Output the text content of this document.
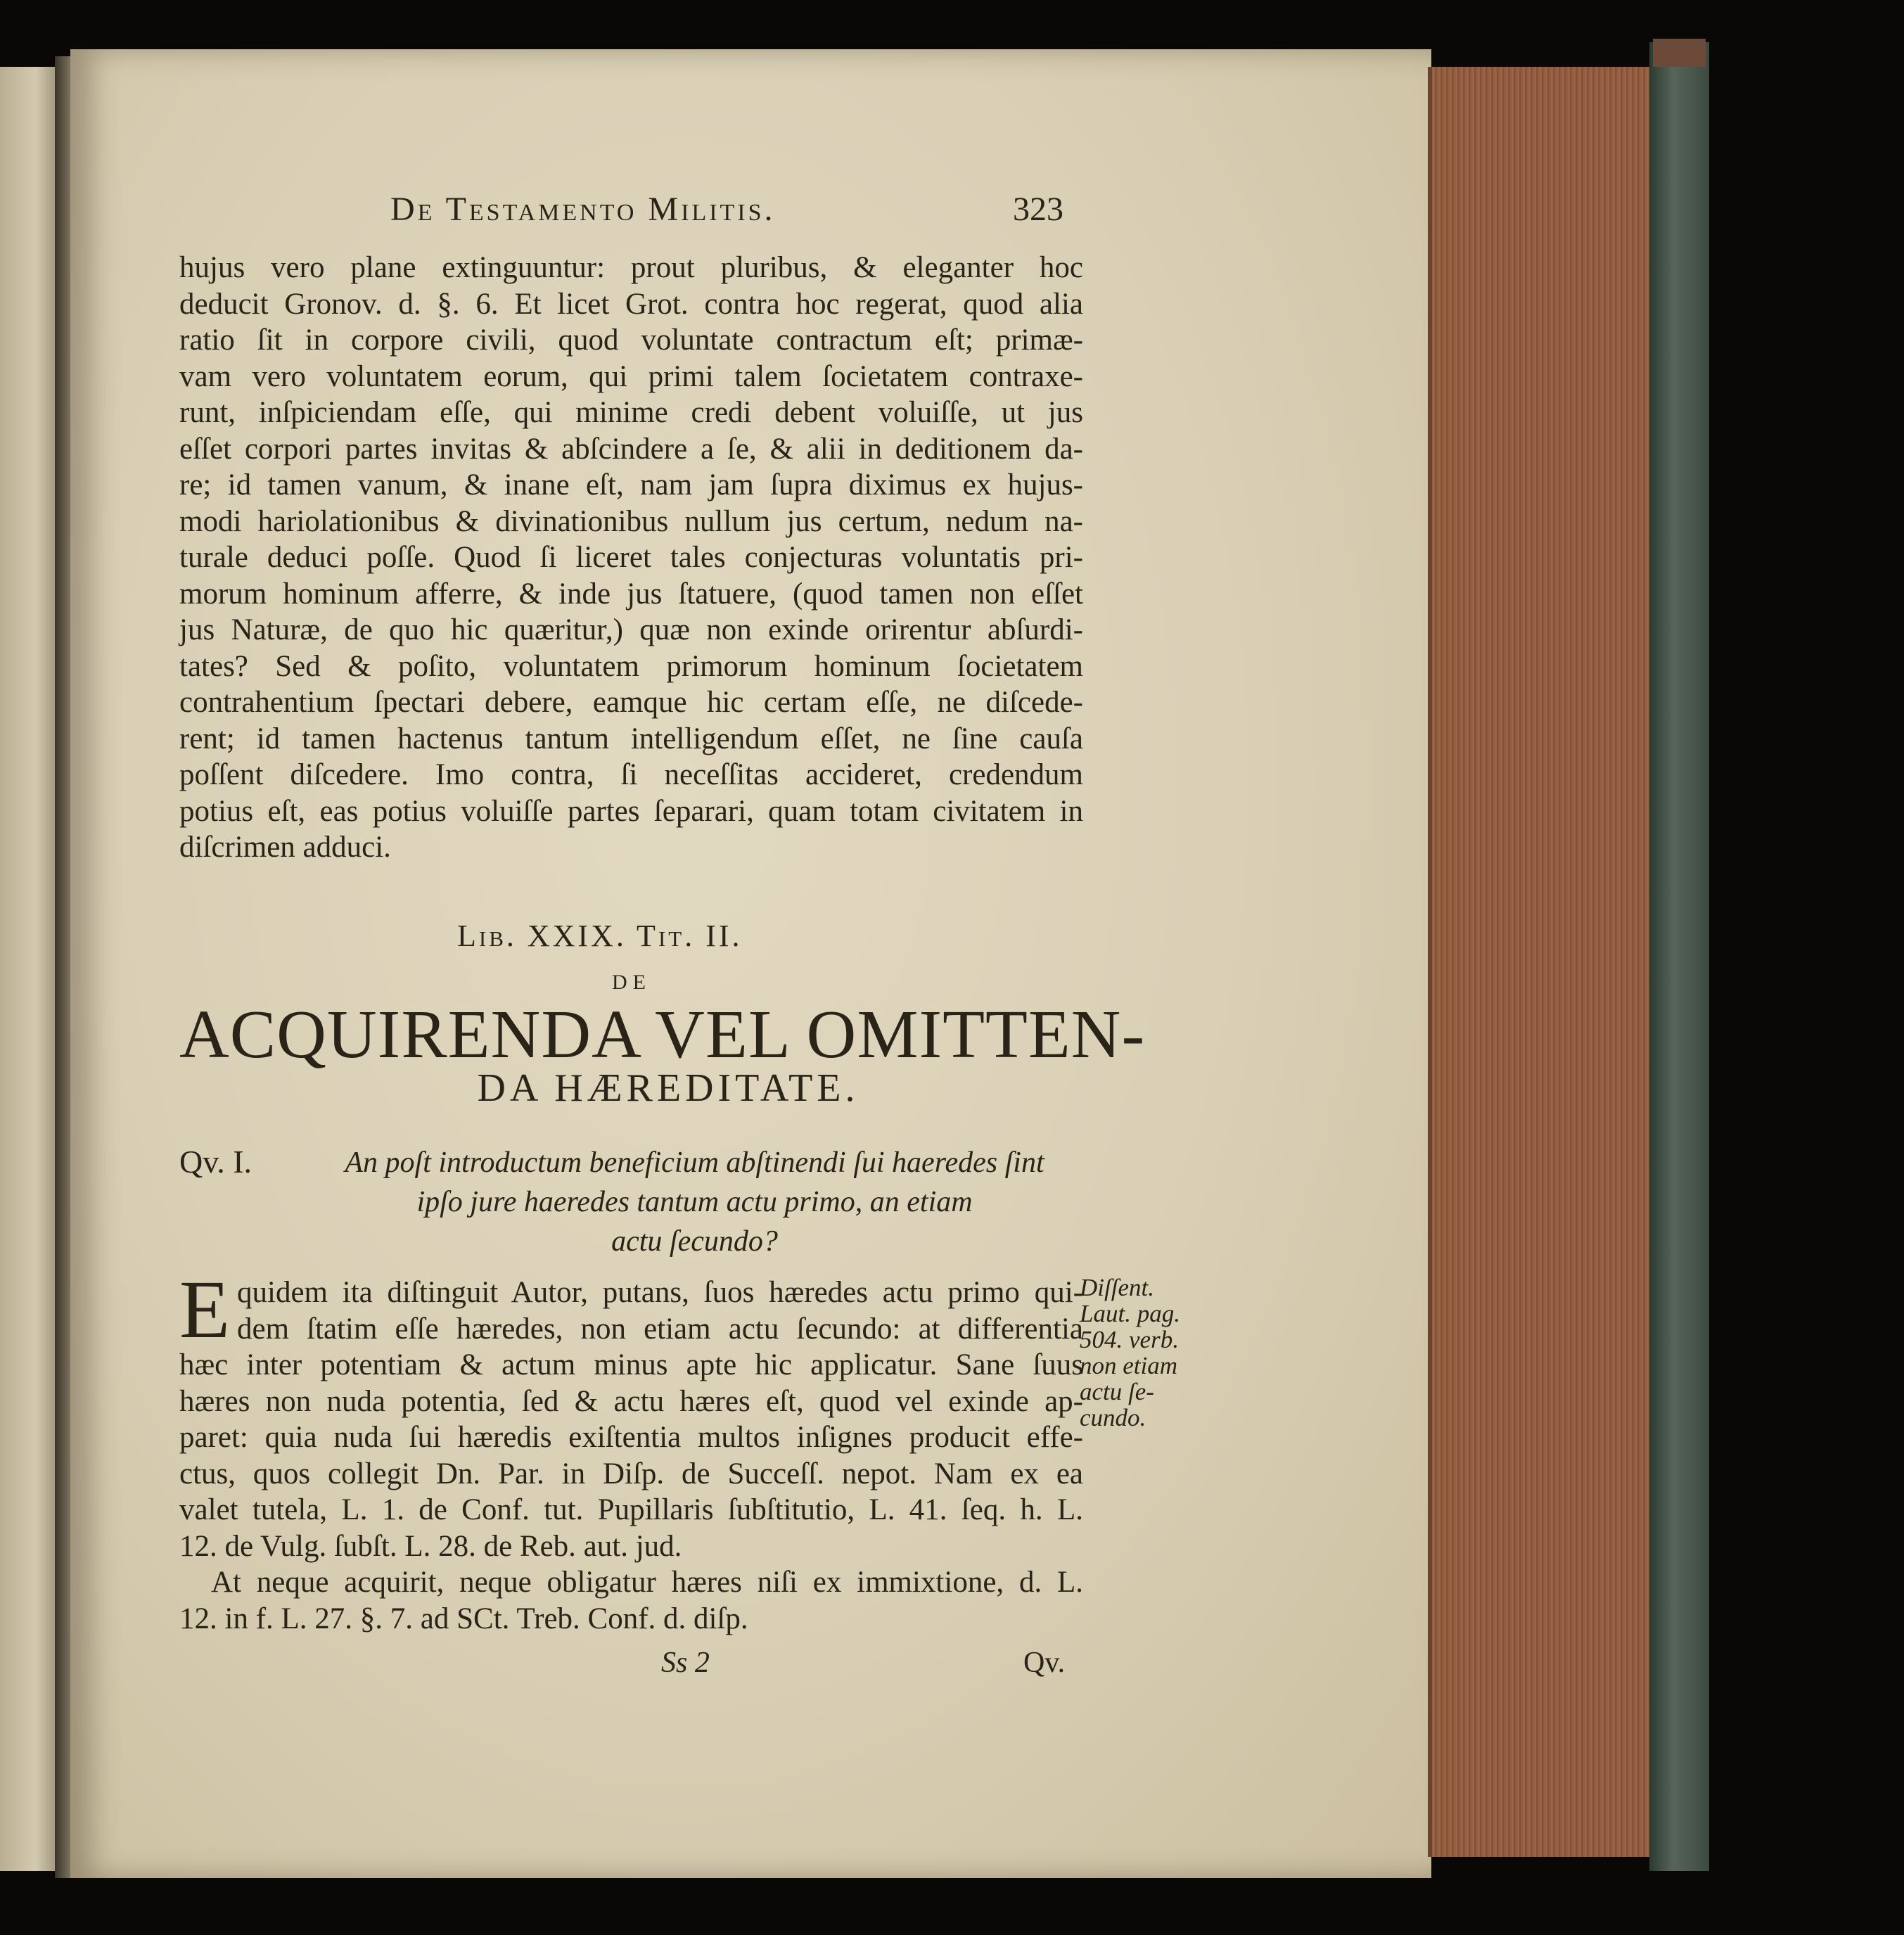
De Testamento Militis.	323
hujus vero plane extinguuntur: prout pluribus, & eleganter hoc
deducit Gronov. d. §. 6. Et licet Grot. contra hoc regerat, quod alia
ratio ſit in corpore civili, quod voluntate contractum eſt; primæ-
vam vero voluntatem eorum, qui primi talem ſocietatem contraxe-
runt, inſpiciendam eſſe, qui minime credi debent voluiſſe, ut jus
eſſet corpori partes invitas & abſcindere a ſe, & alii in deditionem da-
re; id tamen vanum, & inane eſt, nam jam ſupra diximus ex hujus-
modi hariolationibus & divinationibus nullum jus certum, nedum na-
turale deduci poſſe. Quod ſi liceret tales conjecturas voluntatis pri-
morum hominum afferre, & inde jus ſtatuere, (quod tamen non eſſet
jus Naturæ, de quo hic quæritur,) quæ non exinde orirentur abſurdi-
tates? Sed & poſito, voluntatem primorum hominum ſocietatem
contrahentium ſpectari debere, eamque hic certam eſſe, ne diſcede-
rent; id tamen hactenus tantum intelligendum eſſet, ne ſine cauſa
poſſent diſcedere. Imo contra, ſi neceſſitas accideret, credendum
potius eſt, eas potius voluiſſe partes ſeparari, quam totam civitatem in
diſcrimen adduci.
Lib. XXIX. Tit. II.
DE
ACQUIRENDA VEL OMITTEN-
DA HÆREDITATE.
Qv. I.	An poſt introductum beneficium abſtinendi ſui haeredes ſint
ipſo jure haeredes tantum actu primo, an etiam
actu ſecundo?
E quidem ita diſtinguit Autor, putans, ſuos hæredes actu primo qui-
dem ſtatim eſſe hæredes, non etiam actu ſecundo: at differentia
hæc inter potentiam & actum minus apte hic applicatur. Sane ſuus
hæres non nuda potentia, ſed & actu hæres eſt, quod vel exinde ap-
paret: quia nuda ſui hæredis exiſtentia multos inſignes producit effe-
ctus, quos collegit Dn. Par. in Diſp. de Succeſſ. nepot. Nam ex ea
valet tutela, L. 1. de Conf. tut. Pupillaris ſubſtitutio, L. 41. ſeq. h. L.
12. de Vulg. ſubſt. L. 28. de Reb. aut. jud.
At neque acquirit, neque obligatur hæres niſi ex immixtione, d. L.
12. in f. L. 27. §. 7. ad SCt. Treb. Conf. d. diſp.
Diſſent.
Laut. pag.
504. verb.
non etiam
actu ſe-
cundo.
Ss 2	Qv.
